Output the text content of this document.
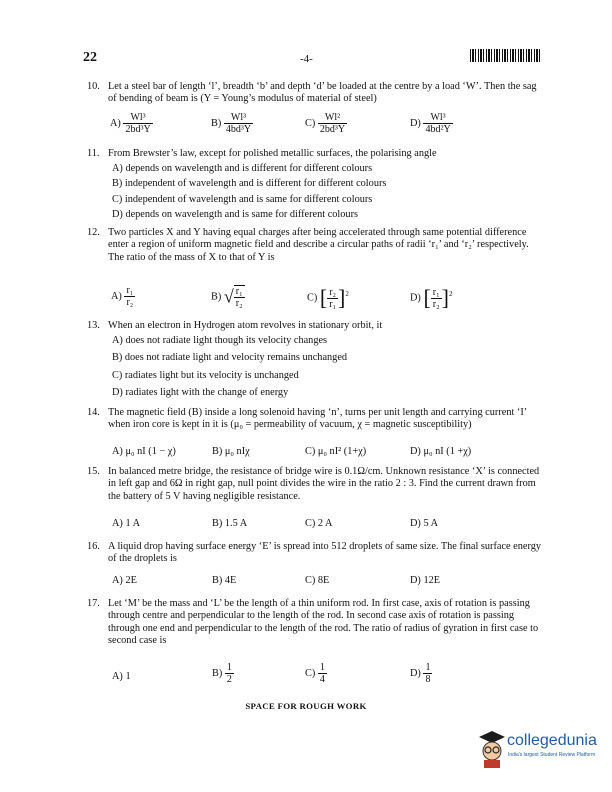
22	-4-
10. Let a steel bar of length ‘l’, breadth ‘b’ and depth ‘d’ be loaded at the centre by a load ‘W’. Then the sag of bending of beam is (Y = Young’s modulus of material of steel)
$A) \frac{\text{Wl³}}{\text{2bd³Y}}$	$B) \frac{\text{Wl³}}{\text{4bd³Y}}$	$C) \frac{\text{Wl²}}{\text{2bd³Y}}$	$D) \frac{\text{Wl³}}{\text{4bd²Y}}$
11. From Brewster’s law, except for polished metallic surfaces, the polarising angle
A) depends on wavelength and is different for different colours
B) independent of wavelength and is different for different colours
C) independent of wavelength and is same for different colours
D) depends on wavelength and is same for different colours
12. Two particles X and Y having equal charges after being accelerated through same potential difference enter a region of uniform magnetic field and describe a circular paths of radii ‘r₁’ and ‘r₂’ respectively. The ratio of the mass of X to that of Y is
$A) \frac{\text{r₁}}{\text{r₂}}$	B) √ $\frac{\text{r₁}}{\text{r₂}}$	C) [ $\frac{\text{r₂}}{\text{r₁}} ]^2$	D) [ $\frac{\text{r₁}}{\text{r₂}} ]^2$
13. When an electron in Hydrogen atom revolves in stationary orbit, it
A) does not radiate light though its velocity changes
B) does not radiate light and velocity remains unchanged
C) radiates light but its velocity is unchanged
D) radiates light with the change of energy
14. The magnetic field (B) inside a long solenoid having ‘n’, turns per unit length and carrying current ‘I’ when iron core is kept in it is (μ₀ = permeability of vacuum, χ = magnetic susceptibility)
A) μ₀ nI (1 − χ)	B) μ₀ nIχ	C) μ₀ nI² (1+χ)	D) μ₀ nI (1 +χ)
15. In balanced metre bridge, the resistance of bridge wire is 0.1Ω/cm. Unknown resistance ‘X’ is connected in left gap and 6Ω in right gap, null point divides the wire in the ratio 2 : 3. Find the current drawn from the battery of 5 V having negligible resistance.
A) 1 A	B) 1.5 A	C) 2 A	D) 5 A
16. A liquid drop having surface energy ‘E’ is spread into 512 droplets of same size. The final surface energy of the droplets is
A) 2E	B) 4E	C) 8E	D) 12E
17. Let ‘M’ be the mass and ‘L’ be the length of a thin uniform rod. In first case, axis of rotation is passing through centre and perpendicular to the length of the rod. In second case axis of rotation is passing through one end and perpendicular to the length of the rod. The ratio of radius of gyration in first case to second case is
A) 1	$B) \frac{1}{2}$	$C) \frac{1}{4}$	$D) \frac{1}{8}$
SPACE FOR ROUGH WORK
collegedunia
India's largest Student Review Platform
